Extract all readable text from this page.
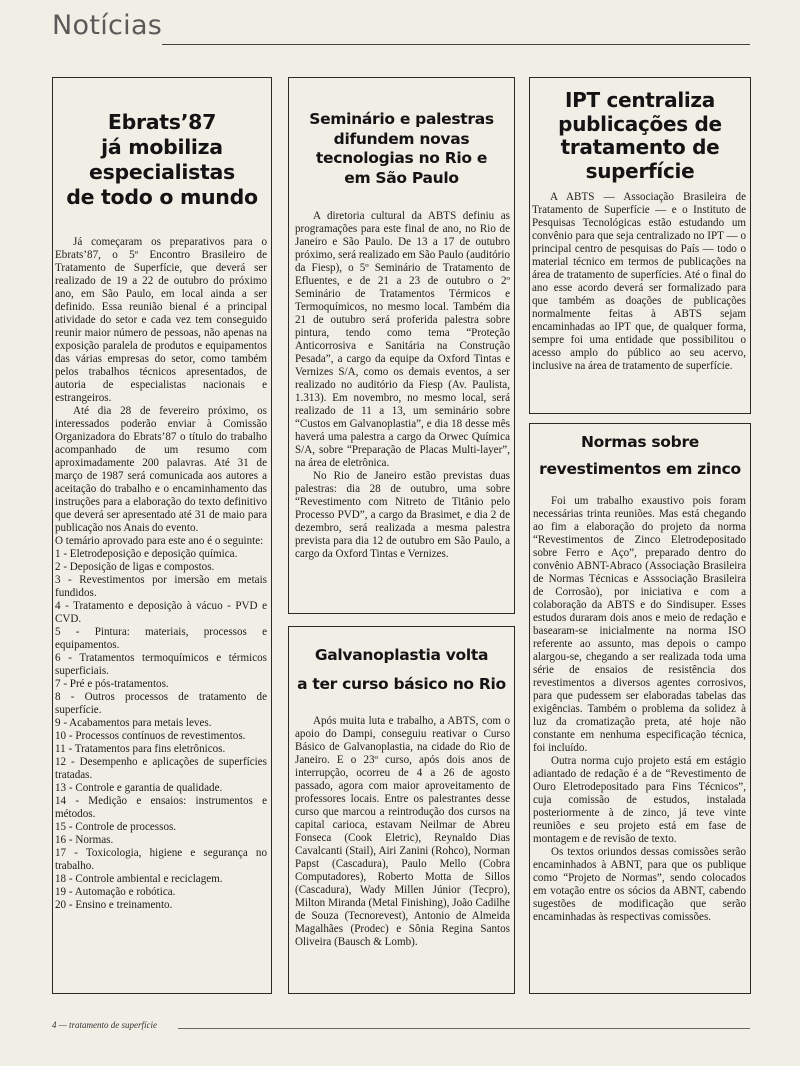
Notícias
Ebrats’87
já mobiliza
especialistas
de todo o mundo

Já começaram os preparativos para o Ebrats’87, o 5º Encontro Brasileiro de Tratamento de Superfície, que deverá ser realizado de 19 a 22 de outubro do próximo ano, em São Paulo, em local ainda a ser definido. Essa reunião bienal é a principal atividade do setor e cada vez tem conseguido reunir maior número de pessoas, não apenas na exposição paralela de produtos e equipamentos das várias empresas do setor, como também pelos trabalhos técnicos apresentados, de autoria de especialistas nacionais e estrangeiros.

Até dia 28 de fevereiro próximo, os interessados poderão enviar à Comissão Organizadora do Ebrats’87 o título do trabalho acompanhado de um resumo com aproximadamente 200 palavras. Até 31 de março de 1987 será comunicada aos autores a aceitação do trabalho e o encaminhamento das instruções para a elaboração do texto definitivo que deverá ser apresentado até 31 de maio para publicação nos Anais do evento.

O temário aprovado para este ano é o seguinte:

1 - Eletrodeposição e deposição química.
2 - Deposição de ligas e compostos.
3 - Revestimentos por imersão em metais fundidos.
4 - Tratamento e deposição à vácuo - PVD e CVD.
5 - Pintura: materiais, processos e equipamentos.
6 - Tratamentos termoquímicos e térmicos superficiais.
7 - Pré e pós-tratamentos.
8 - Outros processos de tratamento de superfície.
9 - Acabamentos para metais leves.
10 - Processos contínuos de revestimentos.
11 - Tratamentos para fins eletrônicos.
12 - Desempenho e aplicações de superfícies tratadas.
13 - Controle e garantia de qualidade.
14 - Medição e ensaios: instrumentos e métodos.
15 - Controle de processos.
16 - Normas.
17 - Toxicologia, higiene e segurança no trabalho.
18 - Controle ambiental e reciclagem.
19 - Automação e robótica.
20 - Ensino e treinamento.
Seminário e palestras
difundem novas
tecnologias no Rio e
em São Paulo

A diretoria cultural da ABTS definiu as programações para este final de ano, no Rio de Janeiro e São Paulo. De 13 a 17 de outubro próximo, será realizado em São Paulo (auditório da Fiesp), o 5º Seminário de Tratamento de Efluentes, e de 21 a 23 de outubro o 2º Seminário de Tratamentos Térmicos e Termoquímicos, no mesmo local. Também dia 21 de outubro será proferida palestra sobre pintura, tendo como tema “Proteção Anticorrosiva e Sanitária na Construção Pesada”, a cargo da equipe da Oxford Tintas e Vernizes S/A, como os demais eventos, a ser realizado no auditório da Fiesp (Av. Paulista, 1.313). Em novembro, no mesmo local, será realizado de 11 a 13, um seminário sobre “Custos em Galvanoplastia”, e dia 18 desse mês haverá uma palestra a cargo da Orwec Química S/A, sobre “Preparação de Placas Multi-layer”, na área de eletrônica.

No Rio de Janeiro estão previstas duas palestras: dia 28 de outubro, uma sobre “Revestimento com Nitreto de Titânio pelo Processo PVD”, a cargo da Brasimet, e dia 2 de dezembro, será realizada a mesma palestra prevista para dia 12 de outubro em São Paulo, a cargo da Oxford Tintas e Vernizes.

Galvanoplastia volta
a ter curso básico no Rio

Após muita luta e trabalho, a ABTS, com o apoio do Dampi, conseguiu reativar o Curso Básico de Galvanoplastia, na cidade do Rio de Janeiro. E o 23º curso, após dois anos de interrupção, ocorreu de 4 a 26 de agosto passado, agora com maior aproveitamento de professores locais. Entre os palestrantes desse curso que marcou a reintrodução dos cursos na capital carioca, estavam Neilmar de Abreu Fonseca (Cook Eletric), Reynaldo Dias Cavalcanti (Stail), Airi Zanini (Rohco), Norman Papst (Cascadura), Paulo Mello (Cobra Computadores), Roberto Motta de Sillos (Cascadura), Wady Millen Júnior (Tecpro), Milton Miranda (Metal Finishing), João Cadilhe de Souza (Tecnorevest), Antonio de Almeida Magalhães (Prodec) e Sônia Regina Santos Oliveira (Bausch & Lomb).

IPT centraliza
publicações de
tratamento de
superfície

A ABTS — Associação Brasileira de Tratamento de Superfície — e o Instituto de Pesquisas Tecnológicas estão estudando um convênio para que seja centralizado no IPT — o principal centro de pesquisas do País — todo o material técnico em termos de publicações na área de tratamento de superfícies. Até o final do ano esse acordo deverá ser formalizado para que também as doações de publicações normalmente feitas à ABTS sejam encaminhadas ao IPT que, de qualquer forma, sempre foi uma entidade que possibilitou o acesso amplo do público ao seu acervo, inclusive na área de tratamento de superfície.

Normas sobre
revestimentos em zinco

Foi um trabalho exaustivo pois foram necessárias trinta reuniões. Mas está chegando ao fim a elaboração do projeto da norma “Revestimentos de Zinco Eletrodepositado sobre Ferro e Aço”, preparado dentro do convênio ABNT-Abraco (Associação Brasileira de Normas Técnicas e Asssociação Brasileira de Corrosão), por iniciativa e com a colaboração da ABTS e do Sindisuper. Esses estudos duraram dois anos e meio de redação e basearam-se inicialmente na norma ISO referente ao assunto, mas depois o campo alargou-se, chegando a ser realizada toda uma série de ensaios de resistência dos revestimentos a diversos agentes corrosivos, para que pudessem ser elaboradas tabelas das exigências. Também o problema da solidez à luz da cromatização preta, até hoje não constante em nenhuma especificação técnica, foi incluído.

Outra norma cujo projeto está em estágio adiantado de redação é a de “Revestimento de Ouro Eletrodepositado para Fins Técnicos”, cuja comissão de estudos, instalada posteriormente à de zinco, já teve vinte reuniões e seu projeto está em fase de montagem e de revisão de texto.

Os textos oriundos dessas comissões serão encaminhados à ABNT, para que os publique como “Projeto de Normas”, sendo colocados em votação entre os sócios da ABNT, cabendo sugestões de modificação que serão encaminhadas às respectivas comissões.

4 — tratamento de superfície
